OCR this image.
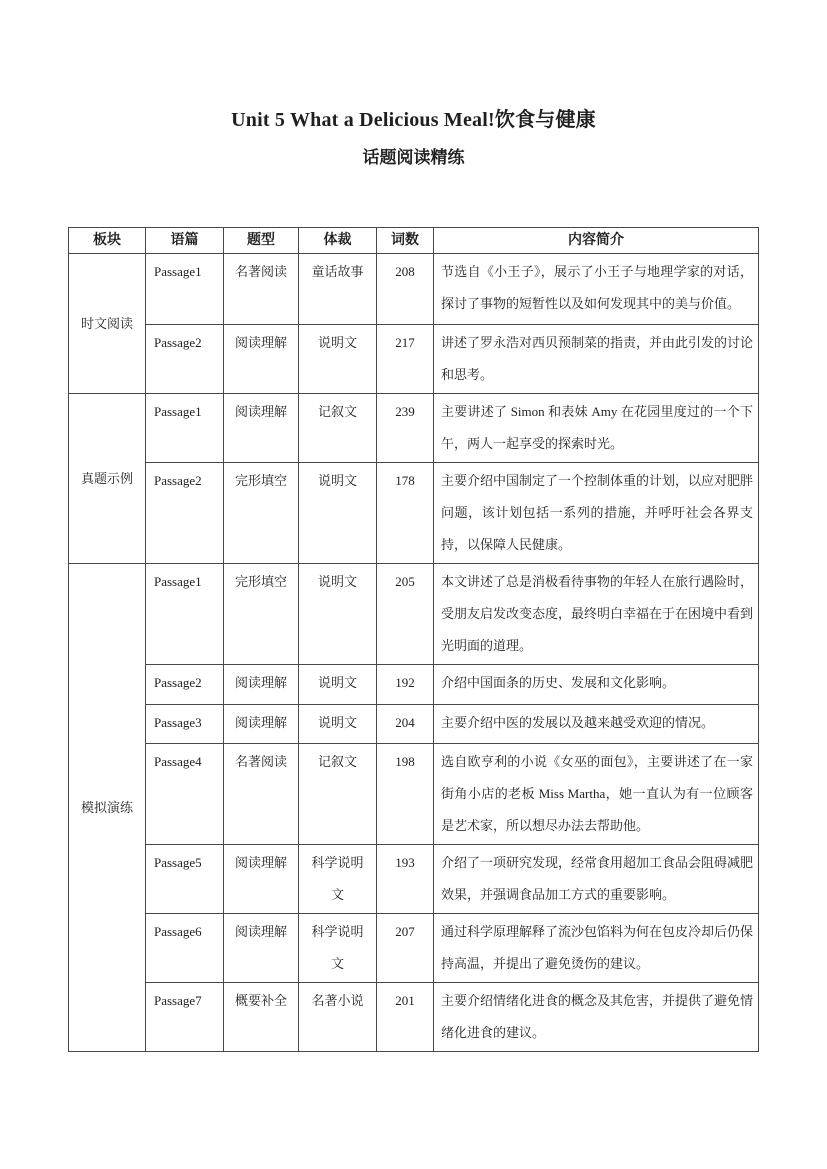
Unit 5 What a Delicious Meal!饮食与健康
话题阅读精练
板块	语篇	题型	体裁	词数	内容简介
时文阅读	Passage1	名著阅读	童话故事	208	节选自《小王子》，展示了小王子与地理学家的对话，探讨了事物的短暂性以及如何发现其中的美与价值。
	Passage2	阅读理解	说明文	217	讲述了罗永浩对西贝预制菜的指责，并由此引发的讨论和思考。
真题示例	Passage1	阅读理解	记叙文	239	主要讲述了 Simon 和表妹 Amy 在花园里度过的一个下午，两人一起享受的探索时光。
	Passage2	完形填空	说明文	178	主要介绍中国制定了一个控制体重的计划，以应对肥胖问题，该计划包括一系列的措施，并呼吁社会各界支持，以保障人民健康。
模拟演练	Passage1	完形填空	说明文	205	本文讲述了总是消极看待事物的年轻人在旅行遇险时，受朋友启发改变态度，最终明白幸福在于在困境中看到光明面的道理。
	Passage2	阅读理解	说明文	192	介绍中国面条的历史、发展和文化影响。
	Passage3	阅读理解	说明文	204	主要介绍中医的发展以及越来越受欢迎的情况。
	Passage4	名著阅读	记叙文	198	选自欧亨利的小说《女巫的面包》，主要讲述了在一家街角小店的老板 Miss Martha，她一直认为有一位顾客是艺术家，所以想尽办法去帮助他。
	Passage5	阅读理解	科学说明文	193	介绍了一项研究发现，经常食用超加工食品会阻碍减肥效果，并强调食品加工方式的重要影响。
	Passage6	阅读理解	科学说明文	207	通过科学原理解释了流沙包馅料为何在包皮冷却后仍保持高温，并提出了避免烫伤的建议。
	Passage7	概要补全	名著小说	201	主要介绍情绪化进食的概念及其危害，并提供了避免情绪化进食的建议。
